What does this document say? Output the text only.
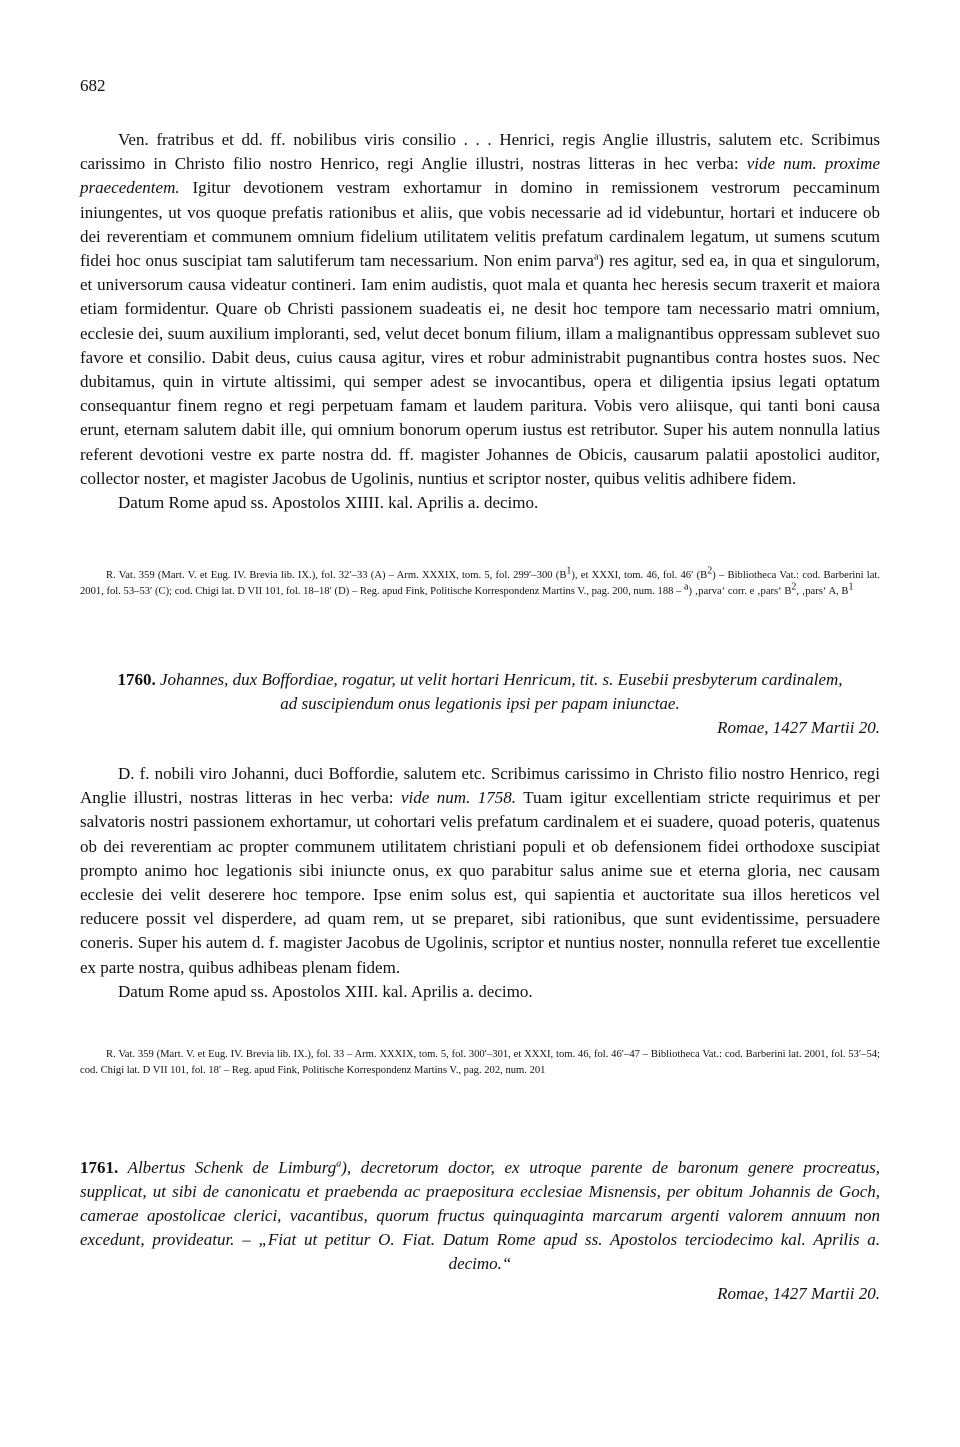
682

Ven. fratribus et dd. ff. nobilibus viris consilio . . . Henrici, regis Anglie illustris, salutem etc. Scribimus carissimo in Christo filio nostro Henrico, regi Anglie illustri, nostras litteras in hec verba: vide num. proxime praecedentem. Igitur devotionem vestram exhortamur in domino in remissionem vestrorum peccaminum iniungentes, ut vos quoque prefatis rationibus et aliis, que vobis necessarie ad id videbuntur, hortari et inducere ob dei reverentiam et communem omnium fidelium utilitatem velitis prefatum cardinalem legatum, ut sumens scutum fidei hoc onus suscipiat tam salutiferum tam necessarium. Non enim parva$^a$) res agitur, sed ea, in qua et singulorum, et universorum causa videatur contineri. Iam enim audistis, quot mala et quanta hec heresis secum traxerit et maiora etiam formidentur. Quare ob Christi passionem suadeatis ei, ne desit hoc tempore tam necessario matri omnium, ecclesie dei, suum auxilium imploranti, sed, velut decet bonum filium, illam a malignantibus oppressam sublevet suo favore et consilio. Dabit deus, cuius causa agitur, vires et robur administrabit pugnantibus contra hostes suos. Nec dubitamus, quin in virtute altissimi, qui semper adest se invocantibus, opera et diligentia ipsius legati optatum consequantur finem regno et regi perpetuam famam et laudem paritura. Vobis vero aliisque, qui tanti boni causa erunt, eternam salutem dabit ille, qui omnium bonorum operum iustus est retributor. Super his autem nonnulla latius referent devotioni vestre ex parte nostra dd. ff. magister Johannes de Obicis, causarum palatii apostolici auditor, collector noster, et magister Jacobus de Ugolinis, nuntius et scriptor noster, quibus velitis adhibere fidem.

Datum Rome apud ss. Apostolos XIIII. kal. Aprilis a. decimo.

R. Vat. 359 (Mart. V. et Eug. IV. Brevia lib. IX.), fol. 32′–33 (A) – Arm. XXXIX, tom. 5, fol. 299′–300 $(B^1)$, et XXXI, tom. 46, fol. 46′ $(B^2)$ – Bibliotheca Vat.: cod. Barberini lat. 2001, fol. 53–53′ (C); cod. Chigi lat. D VII 101, fol. 18–18′ (D) – Reg. apud Fink, Politische Korrespondenz Martins V., pag. 200, num. 188 – $^a$) ‚parva‘ corr. e ‚pars‘ $B^2$, ‚pars‘ A, $B^1$

1760. Johannes, dux Boffordiae, rogatur, ut velit hortari Henricum, tit. s. Eusebii presbyterum cardinalem,

ad suscipiendum onus legationis ipsi per papam iniunctae.

Romae, 1427 Martii 20.

D. f. nobili viro Johanni, duci Boffordie, salutem etc. Scribimus carissimo in Christo filio nostro Henrico, regi Anglie illustri, nostras litteras in hec verba: vide num. 1758. Tuam igitur excellentiam stricte requirimus et per salvatoris nostri passionem exhortamur, ut cohortari velis prefatum cardinalem et ei suadere, quoad poteris, quatenus ob dei reverentiam ac propter communem utilitatem christiani populi et ob defensionem fidei orthodoxe suscipiat prompto animo hoc legationis sibi iniuncte onus, ex quo parabitur salus anime sue et eterna gloria, nec causam ecclesie dei velit deserere hoc tempore. Ipse enim solus est, qui sapientia et auctoritate sua illos hereticos vel reducere possit vel disperdere, ad quam rem, ut se preparet, sibi rationibus, que sunt evidentissime, persuadere coneris. Super his autem d. f. magister Jacobus de Ugolinis, scriptor et nuntius noster, nonnulla referet tue excellentie ex parte nostra, quibus adhibeas plenam fidem.

Datum Rome apud ss. Apostolos XIII. kal. Aprilis a. decimo.

R. Vat. 359 (Mart. V. et Eug. IV. Brevia lib. IX.), fol. 33 – Arm. XXXIX, tom. 5, fol. 300′–301, et XXXI, tom. 46, fol. 46′–47 – Bibliotheca Vat.: cod. Barberini lat. 2001, fol. 53′–54; cod. Chigi lat. D VII 101, fol. 18′ – Reg. apud Fink, Politische Korrespondenz Martins V., pag. 202, num. 201

1761. Albertus Schenk de Limburg$^a$), decretorum doctor, ex utroque parente de baronum genere procreatus, supplicat, ut sibi de canonicatu et praebenda ac praepositura ecclesiae Misnensis, per obitum Johannis de Goch, camerae apostolicae clerici, vacantibus, quorum fructus quinquaginta marcarum argenti valorem annuum non excedunt, provideatur. – „Fiat ut petitur O. Fiat. Datum Rome apud ss. Apostolos terciodecimo kal. Aprilis a. decimo.“

Romae, 1427 Martii 20.
